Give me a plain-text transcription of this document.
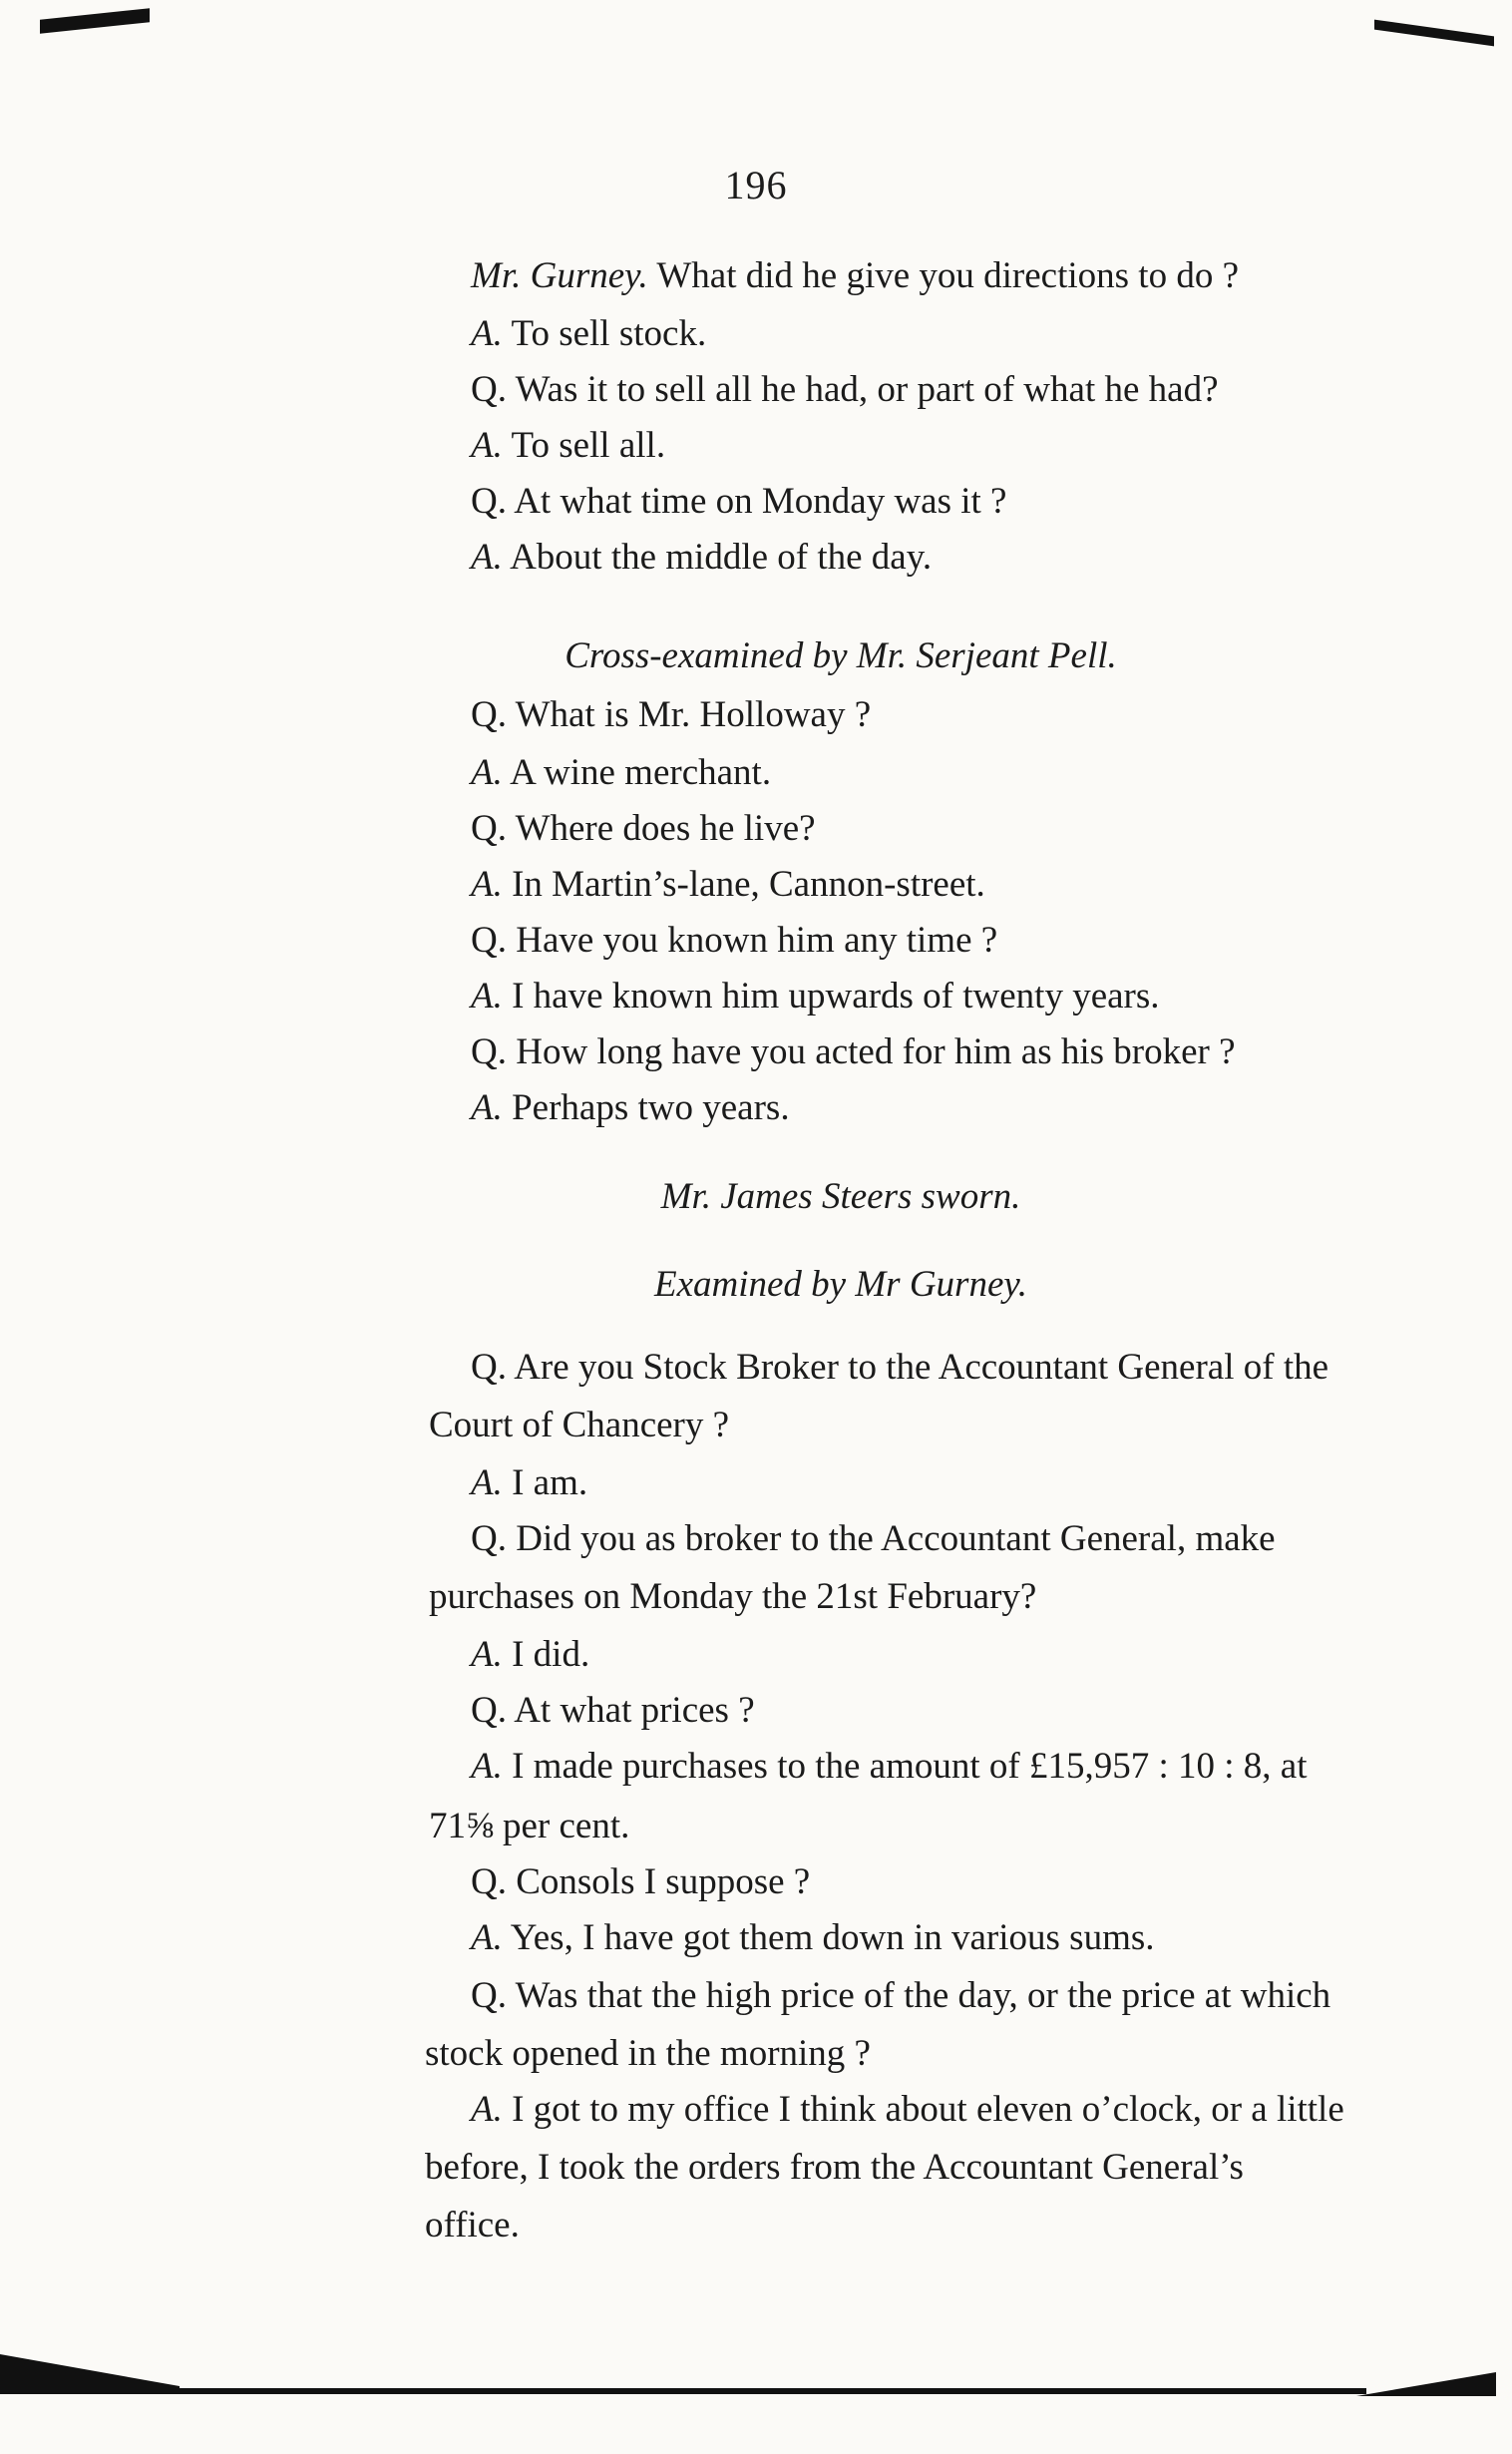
196
Mr. Gurney. What did he give you directions to do ?
A. To sell stock.
Q. Was it to sell all he had, or part of what he had?
A. To sell all.
Q. At what time on Monday was it ?
A. About the middle of the day.
Cross-examined by Mr. Serjeant Pell.
Q. What is Mr. Holloway ?
A. A wine merchant.
Q. Where does he live?
A. In Martin’s-lane, Cannon-street.
Q. Have you known him any time ?
A. I have known him upwards of twenty years.
Q. How long have you acted for him as his broker ?
A. Perhaps two years.
Mr. James Steers sworn.
Examined by Mr Gurney.
Q. Are you Stock Broker to the Accountant General of the
Court of Chancery ?
A. I am.
Q. Did you as broker to the Accountant General, make
purchases on Monday the 21st February?
A. I did.
Q. At what prices ?
A. I made purchases to the amount of £15,957 : 10 : 8, at
71⅝ per cent.
Q. Consols I suppose ?
A. Yes, I have got them down in various sums.
Q. Was that the high price of the day, or the price at which
stock opened in the morning ?
A. I got to my office I think about eleven o’clock, or a little
before, I took the orders from the Accountant General’s
office.
